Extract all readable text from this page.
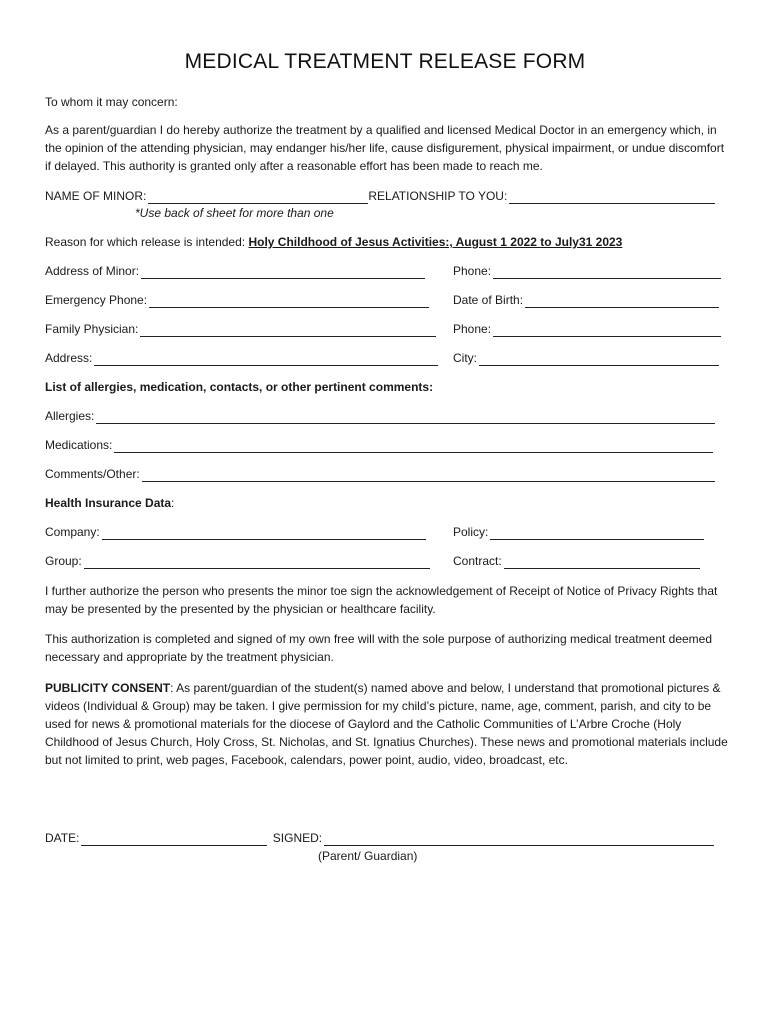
MEDICAL TREATMENT RELEASE FORM
To whom it may concern:
As a parent/guardian I do hereby authorize the treatment by a qualified and licensed Medical Doctor in an emergency which, in the opinion of the attending physician, may endanger his/her life, cause disfigurement, physical impairment, or undue discomfort if delayed. This authority is granted only after a reasonable effort has been made to reach me.
NAME OF MINOR:	RELATIONSHIP TO YOU:
*Use back of sheet for more than one
Reason for which release is intended: Holy Childhood of Jesus Activities:, August 1 2022 to July31 2023
Address of Minor:	Phone:
Emergency Phone:	Date of Birth:
Family Physician:	Phone:
Address:	City:
List of allergies, medication, contacts, or other pertinent comments:
Allergies:
Medications:
Comments/Other:
Health Insurance Data:
Company:	Policy:
Group:	Contract:
I further authorize the person who presents the minor toe sign the acknowledgement of Receipt of Notice of Privacy Rights that may be presented by the presented by the physician or healthcare facility.
This authorization is completed and signed of my own free will with the sole purpose of authorizing medical treatment deemed necessary and appropriate by the treatment physician.
PUBLICITY CONSENT: As parent/guardian of the student(s) named above and below, I understand that promotional pictures & videos (Individual & Group) may be taken. I give permission for my child’s picture, name, age, comment, parish, and city to be used for news & promotional materials for the diocese of Gaylord and the Catholic Communities of L’Arbre Croche (Holy Childhood of Jesus Church, Holy Cross, St. Nicholas, and St. Ignatius Churches). These news and promotional materials include but not limited to print, web pages, Facebook, calendars, power point, audio, video, broadcast, etc.
DATE:
	SIGNED:
(Parent/ Guardian)
